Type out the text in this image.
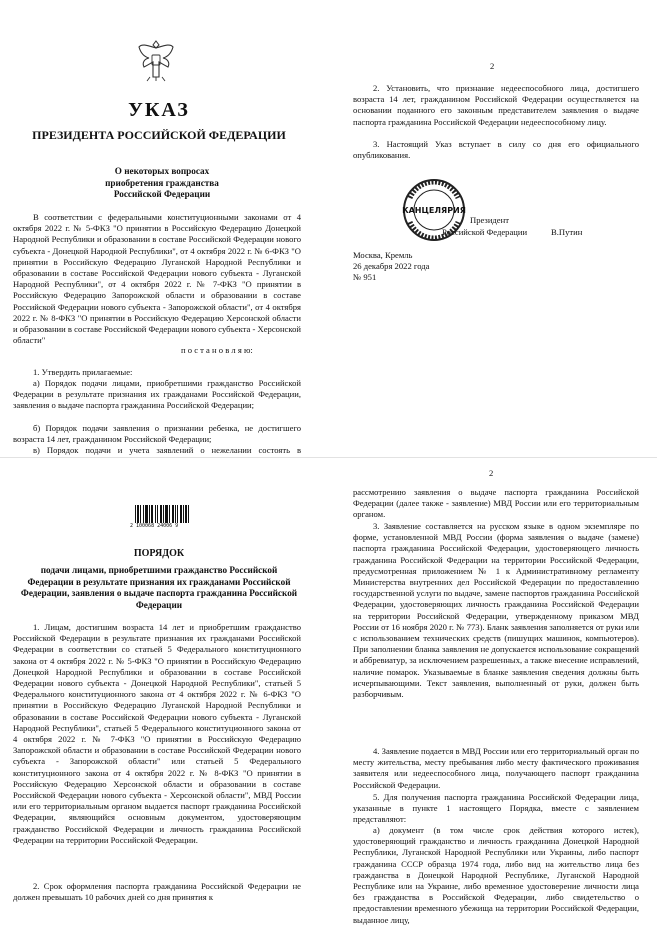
УКАЗ
ПРЕЗИДЕНТА РОССИЙСКОЙ ФЕДЕРАЦИИ

О некоторых вопросах приобретения гражданства Российской Федерации

В соответствии с федеральными конституционными законами от 4 октября 2022 г. № 5-ФКЗ "О принятии в Российскую Федерацию Донецкой Народной Республики и образовании в составе Российской Федерации нового субъекта - Донецкой Народной Республики", от 4 октября 2022 г. № 6-ФКЗ "О принятии в Российскую Федерацию Луганской Народной Республики и образовании в составе Российской Федерации нового субъекта - Луганской Народной Республики", от 4 октября 2022 г. № 7-ФКЗ "О принятии в Российскую Федерацию Запорожской области и образовании в составе Российской Федерации нового субъекта - Запорожской области", от 4 октября 2022 г. № 8-ФКЗ "О принятии в Российскую Федерацию Херсонской области и образовании в составе Российской Федерации нового субъекта - Херсонской области"

п о с т а н о в л я ю:

1. Утвердить прилагаемые:

а) Порядок подачи лицами, приобретшими гражданство Российской Федерации в результате признания их гражданами Российской Федерации, заявления о выдаче паспорта гражданина Российской Федерации;

б) Порядок подачи заявления о признании ребенка, не достигшего возраста 14 лет, гражданином Российской Федерации;

в) Порядок подачи и учета заявлений о нежелании состоять в

2

2. Установить, что признание недееспособного лица, достигшего возраста 14 лет, гражданином Российской Федерации осуществляется на основании поданного его законным представителем заявления о выдаче паспорта гражданина Российской Федерации недееспособному лицу.

3. Настоящий Указ вступает в силу со дня его официального опубликования.

Президент
Российской Федерации	В.Путин
Москва, Кремль
26 декабря 2022 года
№ 951
КАНЦЕЛЯРИЯ
2 100068 24006 9
ПОРЯДОК

подачи лицами, приобретшими гражданство Российской Федерации в результате признания их гражданами Российской Федерации, заявления о выдаче паспорта гражданина Российской Федерации

1. Лицам, достигшим возраста 14 лет и приобретшим гражданство Российской Федерации в результате признания их гражданами Российской Федерации в соответствии со статьей 5 Федерального конституционного закона от 4 октября 2022 г. № 5-ФКЗ "О принятии в Российскую Федерацию Донецкой Народной Республики и образовании в составе Российской Федерации нового субъекта - Донецкой Народной Республики", статьей 5 Федерального конституционного закона от 4 октября 2022 г. № 6-ФКЗ "О принятии в Российскую Федерацию Луганской Народной Республики и образовании в составе Российской Федерации нового субъекта - Луганской Народной Республики", статьей 5 Федерального конституционного закона от 4 октября 2022 г. № 7-ФКЗ "О принятии в Российскую Федерацию Запорожской области и образовании в составе Российской Федерации нового субъекта - Запорожской области" или статьей 5 Федерального конституционного закона от 4 октября 2022 г. № 8-ФКЗ "О принятии в Российскую Федерацию Херсонской области и образовании в составе Российской Федерации нового субъекта - Херсонской области", МВД России или его территориальным органом выдается паспорт гражданина Российской Федерации, являющийся основным документом, удостоверяющим гражданство Российской Федерации и личность гражданина Российской Федерации на территории Российской Федерации.

2. Срок оформления паспорта гражданина Российской Федерации не должен превышать 10 рабочих дней со дня принятия к

2

рассмотрению заявления о выдаче паспорта гражданина Российской Федерации (далее также - заявление) МВД России или его территориальным органом.

3. Заявление составляется на русском языке в одном экземпляре по форме, установленной МВД России (форма заявления о выдаче (замене) паспорта гражданина Российской Федерации, удостоверяющего личность гражданина Российской Федерации на территории Российской Федерации, предусмотренная приложением № 1 к Административному регламенту Министерства внутренних дел Российской Федерации по предоставлению государственной услуги по выдаче, замене паспортов гражданина Российской Федерации, удостоверяющих личность гражданина Российской Федерации на территории Российской Федерации, утвержденному приказом МВД России от 16 ноября 2020 г. № 773). Бланк заявления заполняется от руки или с использованием технических средств (пишущих машинок, компьютеров). При заполнении бланка заявления не допускается использование сокращений и аббревиатур, за исключением разрешенных, а также внесение исправлений, наличие помарок. Указываемые в бланке заявления сведения должны быть исчерпывающими. Текст заявления, выполненный от руки, должен быть разборчивым.

4. Заявление подается в МВД России или его территориальный орган по месту жительства, месту пребывания либо месту фактического проживания заявителя или недееспособного лица, получающего паспорт гражданина Российской Федерации.

5. Для получения паспорта гражданина Российской Федерации лица, указанные в пункте 1 настоящего Порядка, вместе с заявлением представляют:

а) документ (в том числе срок действия которого истек), удостоверяющий гражданство и личность гражданина Донецкой Народной Республики, Луганской Народной Республики или Украины, либо паспорт гражданина СССР образца 1974 года, либо вид на жительство лица без гражданства в Донецкой Народной Республике, Луганской Народной Республике или на Украине, либо временное удостоверение личности лица без гражданства в Российской Федерации, либо свидетельство о предоставлении временного убежища на территории Российской Федерации, выданное лицу,
